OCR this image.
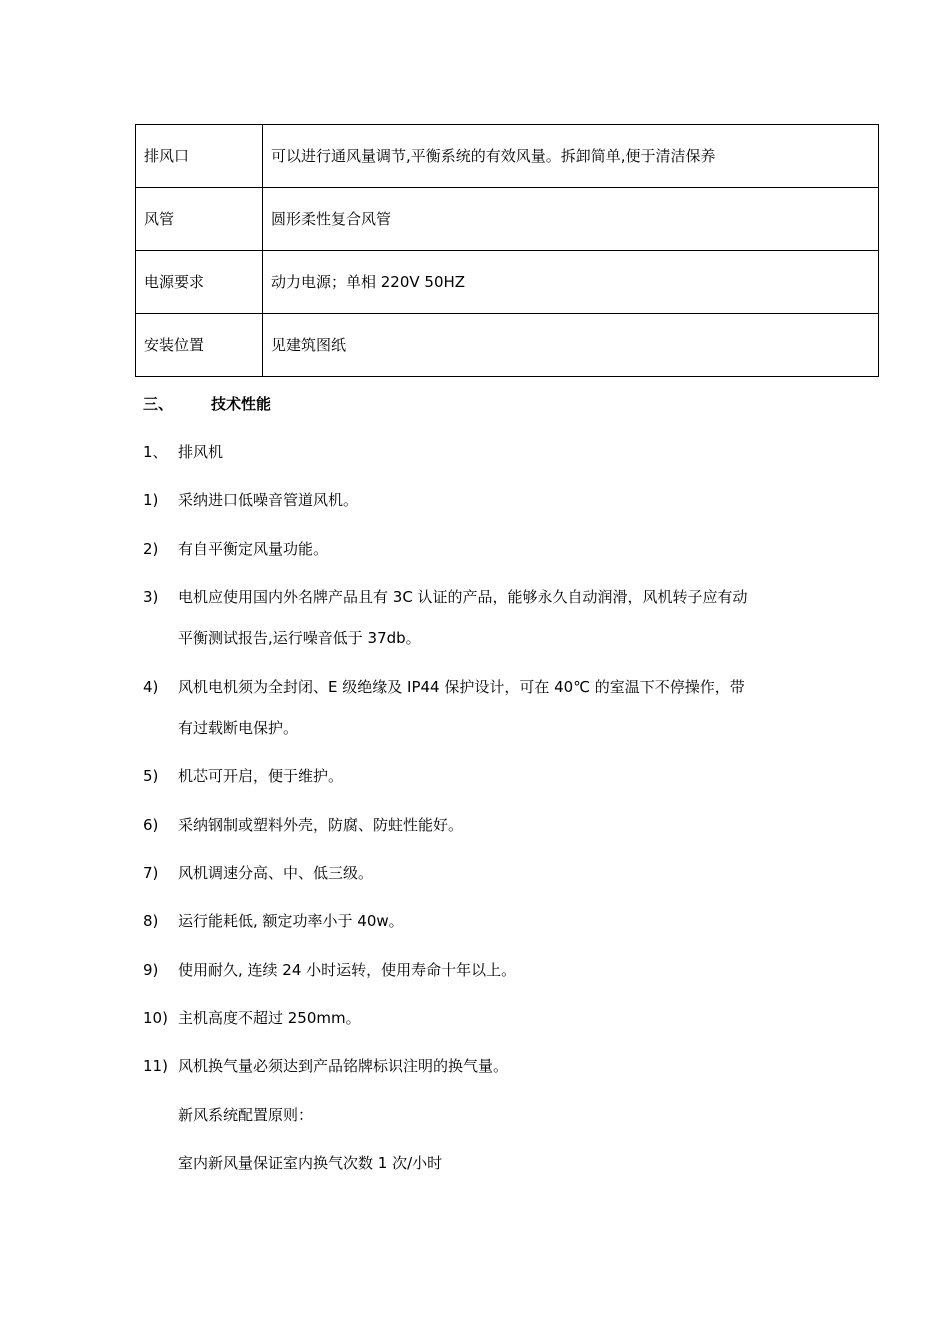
排风口	可以进行通风量调节,平衡系统的有效风量。拆卸简单,便于清洁保养
风管	圆形柔性复合风管
电源要求	动力电源；单相 220V 50HZ
安装位置	见建筑图纸
三、	技术性能
1、 排风机
1) 采纳进口低噪音管道风机。
2) 有自平衡定风量功能。
3) 电机应使用国内外名牌产品且有 3C 认证的产品，能够永久自动润滑，风机转子应有动
平衡测试报告,运行噪音低于 37db。
4) 风机电机须为全封闭、E 级绝缘及 IP44 保护设计，可在 40℃ 的室温下不停操作，带
有过载断电保护。
5) 机芯可开启，便于维护。
6) 采纳钢制或塑料外壳，防腐、防蛀性能好。
7) 风机调速分高、中、低三级。
8) 运行能耗低, 额定功率小于 40w。
9) 使用耐久, 连续 24 小时运转，使用寿命十年以上。
10) 主机高度不超过 250mm。
11) 风机换气量必须达到产品铭牌标识注明的换气量。
新风系统配置原则：
室内新风量保证室内换气次数 1 次/小时
